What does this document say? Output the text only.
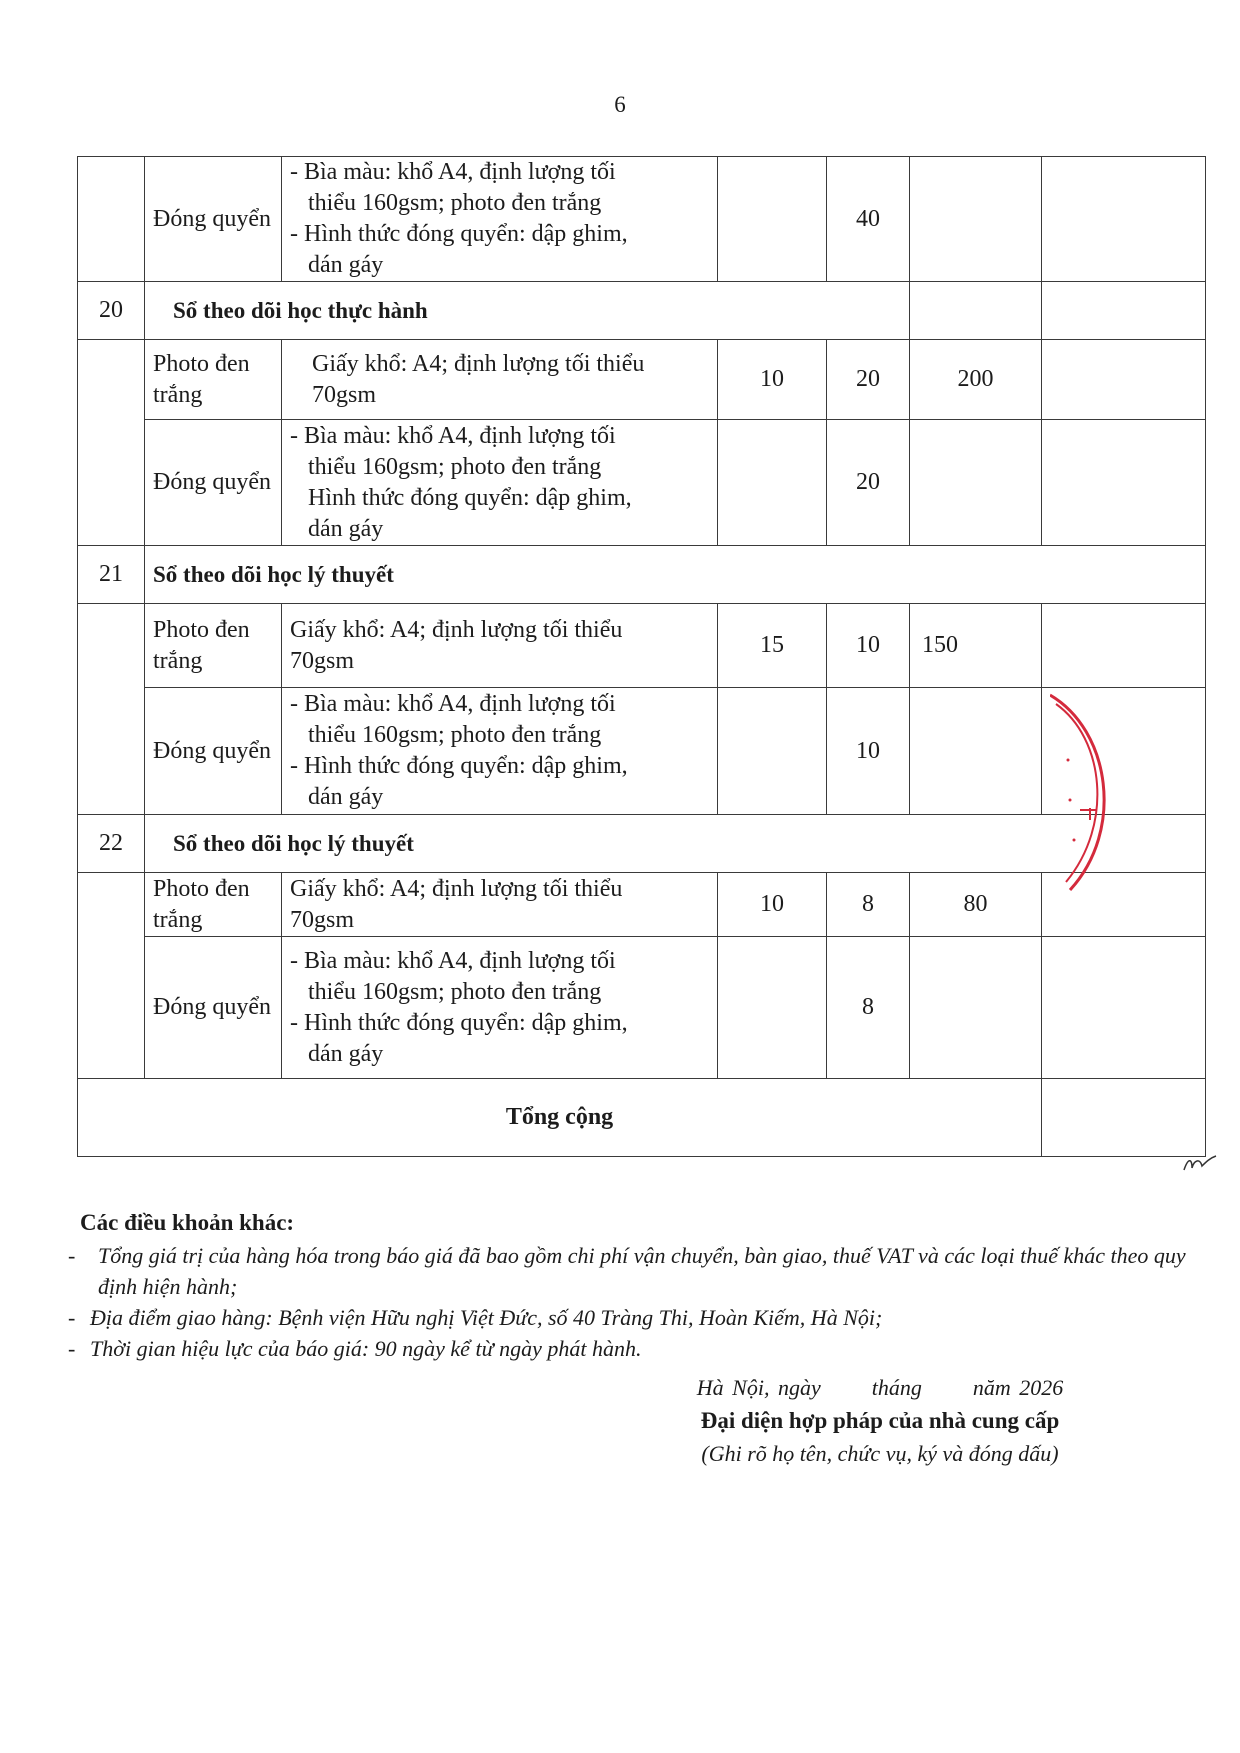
6
	Đóng quyển	- Bìa màu: khổ A4, định lượng tối
thiểu 160gsm; photo đen trắng
- Hình thức đóng quyển: dập ghim,
dán gáy		40		
20	Sổ theo dõi học thực hành					
	Photo đen trắng	Giấy khổ: A4; định lượng tối thiểu
70gsm	10	20	200	
	Đóng quyển	- Bìa màu: khổ A4, định lượng tối
thiểu 160gsm; photo đen trắng
Hình thức đóng quyển: dập ghim,
dán gáy		20		
21	Sổ theo dõi học lý thuyết					
	Photo đen trắng	Giấy khổ: A4; định lượng tối thiểu
70gsm	15	10	150	
	Đóng quyển	- Bìa màu: khổ A4, định lượng tối
thiểu 160gsm; photo đen trắng
- Hình thức đóng quyển: dập ghim,
dán gáy		10		
22	Sổ theo dõi học lý thuyết					
	Photo đen trắng	Giấy khổ: A4; định lượng tối thiểu
70gsm	10	8	80	
	Đóng quyển	- Bìa màu: khổ A4, định lượng tối
thiểu 160gsm; photo đen trắng
- Hình thức đóng quyển: dập ghim,
dán gáy		8		
Tổng cộng						
Các điều khoản khác:
- Tổng giá trị của hàng hóa trong báo giá đã bao gồm chi phí vận chuyển, bàn giao, thuế VAT và các loại thuế khác theo quy định hiện hành;
- Địa điểm giao hàng: Bệnh viện Hữu nghị Việt Đức, số 40 Tràng Thi, Hoàn Kiếm, Hà Nội;
- Thời gian hiệu lực của báo giá: 90 ngày kể từ ngày phát hành.
Hà Nội, ngày      tháng      năm 2026
Đại diện hợp pháp của nhà cung cấp
(Ghi rõ họ tên, chức vụ, ký và đóng dấu)
